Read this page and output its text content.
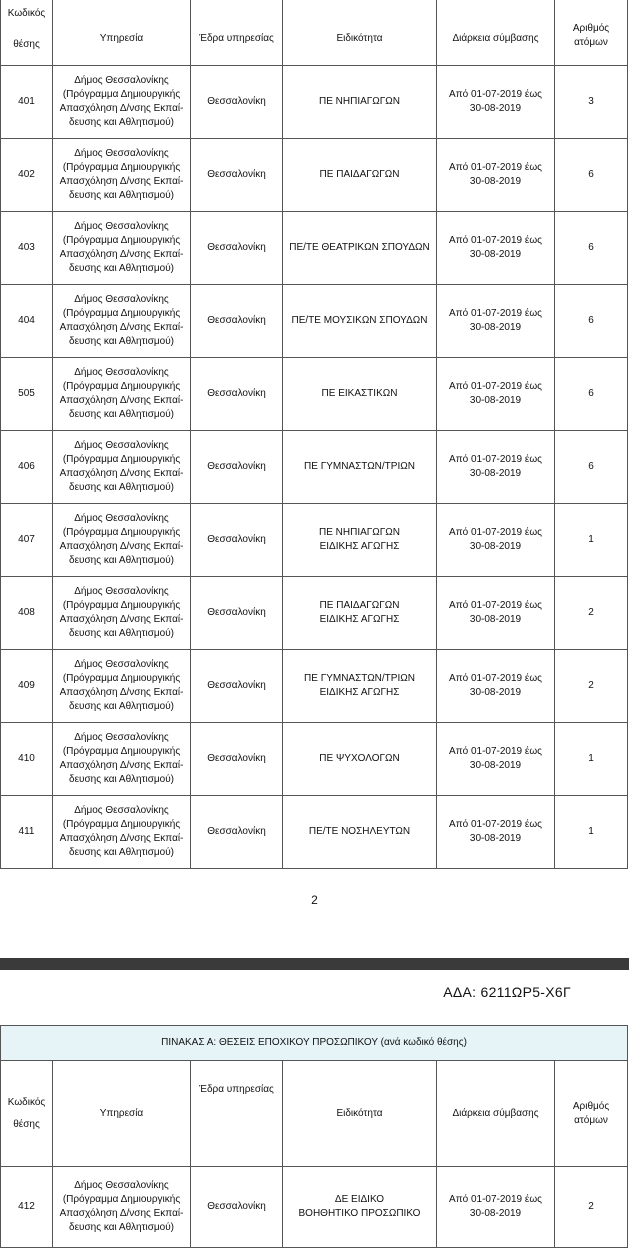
Κωδικός
θέσης	Υπηρεσία	Έδρα υπηρεσίας	Ειδικότητα	Διάρκεια σύμβασης	Αριθμός
ατόμων

401	Δήμος Θεσσαλονίκης
(Πρόγραμμα Δημιουργικής
Απασχόληση Δ/νσης Εκπαί-
δευσης και Αθλητισμού)	Θεσσαλονίκη	ΠΕ ΝΗΠΙΑΓΩΓΩΝ	Από 01-07-2019 έως
30-08-2019	3
402	Δήμος Θεσσαλονίκης
(Πρόγραμμα Δημιουργικής
Απασχόληση Δ/νσης Εκπαί-
δευσης και Αθλητισμού)	Θεσσαλονίκη	ΠΕ ΠΑΙΔΑΓΩΓΩΝ	Από 01-07-2019 έως
30-08-2019	6
403	Δήμος Θεσσαλονίκης
(Πρόγραμμα Δημιουργικής
Απασχόληση Δ/νσης Εκπαί-
δευσης και Αθλητισμού)	Θεσσαλονίκη	ΠΕ/ΤΕ ΘΕΑΤΡΙΚΩΝ ΣΠΟΥΔΩΝ	Από 01-07-2019 έως
30-08-2019	6
404	Δήμος Θεσσαλονίκης
(Πρόγραμμα Δημιουργικής
Απασχόληση Δ/νσης Εκπαί-
δευσης και Αθλητισμού)	Θεσσαλονίκη	ΠΕ/ΤΕ ΜΟΥΣΙΚΩΝ ΣΠΟΥΔΩΝ	Από 01-07-2019 έως
30-08-2019	6
505	Δήμος Θεσσαλονίκης
(Πρόγραμμα Δημιουργικής
Απασχόληση Δ/νσης Εκπαί-
δευσης και Αθλητισμού)	Θεσσαλονίκη	ΠΕ ΕΙΚΑΣΤΙΚΩΝ	Από 01-07-2019 έως
30-08-2019	6
406	Δήμος Θεσσαλονίκης
(Πρόγραμμα Δημιουργικής
Απασχόληση Δ/νσης Εκπαί-
δευσης και Αθλητισμού)	Θεσσαλονίκη	ΠΕ ΓΥΜΝΑΣΤΩΝ/ΤΡΙΩΝ	Από 01-07-2019 έως
30-08-2019	6
407	Δήμος Θεσσαλονίκης
(Πρόγραμμα Δημιουργικής
Απασχόληση Δ/νσης Εκπαί-
δευσης και Αθλητισμού)	Θεσσαλονίκη	ΠΕ ΝΗΠΙΑΓΩΓΩΝ
ΕΙΔΙΚΗΣ ΑΓΩΓΗΣ	Από 01-07-2019 έως
30-08-2019	1
408	Δήμος Θεσσαλονίκης
(Πρόγραμμα Δημιουργικής
Απασχόληση Δ/νσης Εκπαί-
δευσης και Αθλητισμού)	Θεσσαλονίκη	ΠΕ ΠΑΙΔΑΓΩΓΩΝ
ΕΙΔΙΚΗΣ ΑΓΩΓΗΣ	Από 01-07-2019 έως
30-08-2019	2
409	Δήμος Θεσσαλονίκης
(Πρόγραμμα Δημιουργικής
Απασχόληση Δ/νσης Εκπαί-
δευσης και Αθλητισμού)	Θεσσαλονίκη	ΠΕ ΓΥΜΝΑΣΤΩΝ/ΤΡΙΩΝ
ΕΙΔΙΚΗΣ ΑΓΩΓΗΣ	Από 01-07-2019 έως
30-08-2019	2
410	Δήμος Θεσσαλονίκης
(Πρόγραμμα Δημιουργικής
Απασχόληση Δ/νσης Εκπαί-
δευσης και Αθλητισμού)	Θεσσαλονίκη	ΠΕ ΨΥΧΟΛΟΓΩΝ	Από 01-07-2019 έως
30-08-2019	1
411	Δήμος Θεσσαλονίκης
(Πρόγραμμα Δημιουργικής
Απασχόληση Δ/νσης Εκπαί-
δευσης και Αθλητισμού)	Θεσσαλονίκη	ΠΕ/ΤΕ ΝΟΣΗΛΕΥΤΩΝ	Από 01-07-2019 έως
30-08-2019	1
2
ΑΔΑ: 6211ΩΡ5-Χ6Γ
ΠΙΝΑΚΑΣ Α: ΘΕΣΕΙΣ ΕΠΟΧΙΚΟΥ ΠΡΟΣΩΠΙΚΟΥ (ανά κωδικό θέσης)					

Κωδικός
θέσης	Υπηρεσία	Έδρα υπηρεσίας	Ειδικότητα	Διάρκεια σύμβασης	Αριθμός
ατόμων

412	Δήμος Θεσσαλονίκης
(Πρόγραμμα Δημιουργικής
Απασχόληση Δ/νσης Εκπαί-
δευσης και Αθλητισμού)	Θεσσαλονίκη	ΔΕ ΕΙΔΙΚΟ
ΒΟΗΘΗΤΙΚΟ ΠΡΟΣΩΠΙΚΟ	Από 01-07-2019 έως
30-08-2019	2
